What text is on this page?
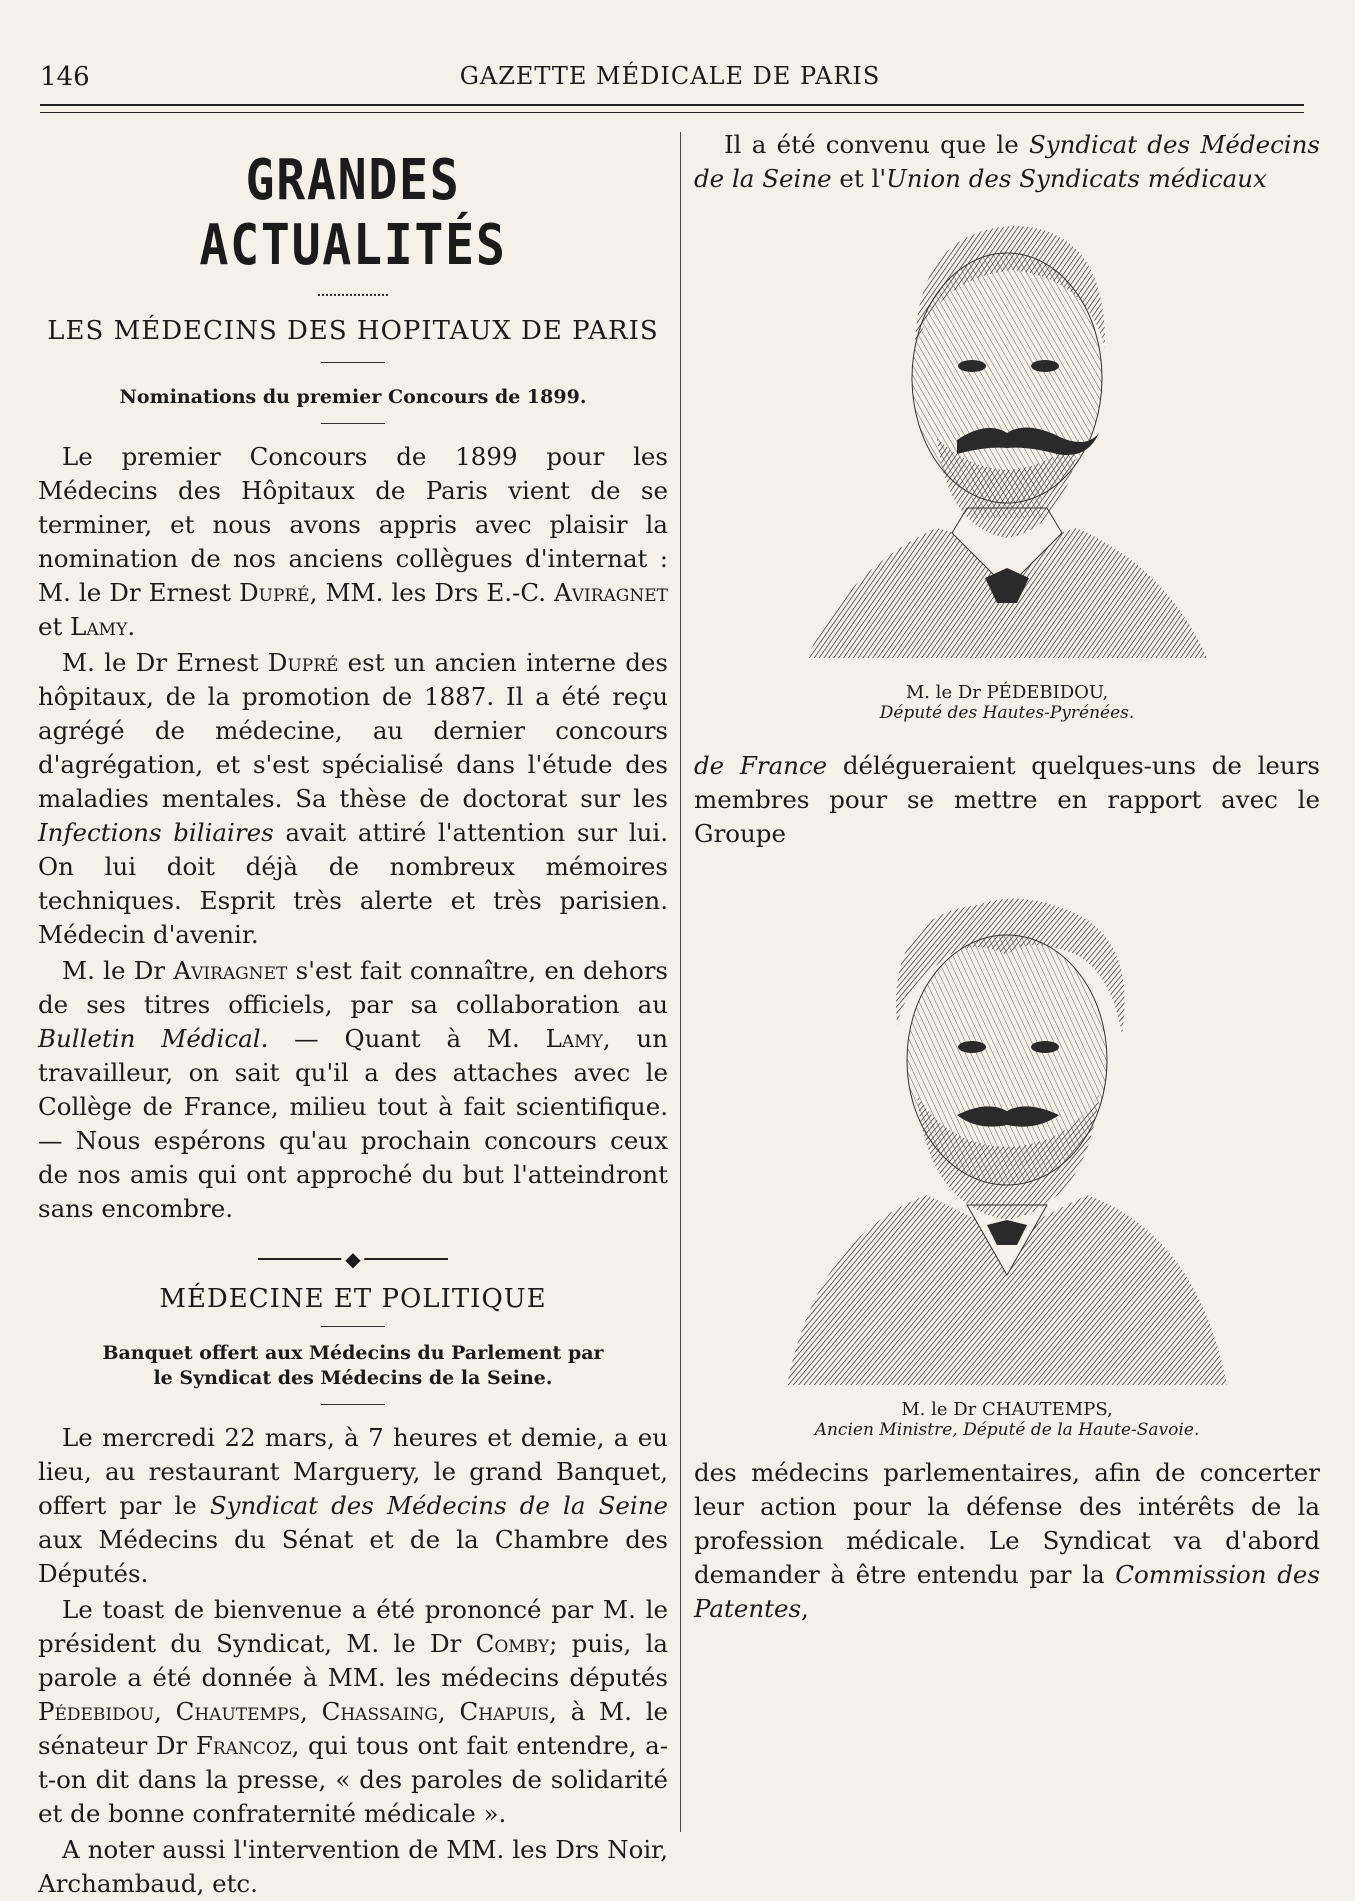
146	GAZETTE MÉDICALE DE PARIS
GRANDES ACTUALITÉS
LES MÉDECINS DES HOPITAUX DE PARIS
Nominations du premier Concours de 1899.

Le premier Concours de 1899 pour les Médecins des Hôpitaux de Paris vient de se terminer, et nous avons appris avec plaisir la nomination de nos anciens collègues d'internat : M. le Dr Ernest Dupré, MM. les Drs E.-C. Aviragnet et Lamy.

M. le Dr Ernest Dupré est un ancien interne des hôpitaux, de la promotion de 1887. Il a été reçu agrégé de médecine, au dernier concours d'agrégation, et s'est spécialisé dans l'étude des maladies mentales. Sa thèse de doctorat sur les Infections biliaires avait attiré l'attention sur lui. On lui doit déjà de nombreux mémoires techniques. Esprit très alerte et très parisien. Médecin d'avenir.

M. le Dr Aviragnet s'est fait connaître, en dehors de ses titres officiels, par sa collaboration au Bulletin Médical. — Quant à M. Lamy, un travailleur, on sait qu'il a des attaches avec le Collège de France, milieu tout à fait scientifique. — Nous espérons qu'au prochain concours ceux de nos amis qui ont approché du but l'atteindront sans encombre.

◆
MÉDECINE ET POLITIQUE
Banquet offert aux Médecins du Parlement par
le Syndicat des Médecins de la Seine.

Le mercredi 22 mars, à 7 heures et demie, a eu lieu, au restaurant Marguery, le grand Banquet, offert par le Syndicat des Médecins de la Seine aux Médecins du Sénat et de la Chambre des Députés.

Le toast de bienvenue a été prononcé par M. le président du Syndicat, M. le Dr Comby; puis, la parole a été donnée à MM. les médecins députés Pédebidou, Chautemps, Chassaing, Chapuis, à M. le sénateur Dr Francoz, qui tous ont fait entendre, a-t-on dit dans la presse, « des paroles de solidarité et de bonne confraternité médicale ».

A noter aussi l'intervention de MM. les Drs Noir, Archambaud, etc.

Il a été convenu que le Syndicat des Médecins de la Seine et l'Union des Syndicats médicaux

M. le Dr PÉDEBIDOU,
Député des Hautes-Pyrénées.

de France délégueraient quelques-uns de leurs membres pour se mettre en rapport avec le Groupe

M. le Dr CHAUTEMPS,
Ancien Ministre, Député de la Haute-Savoie.

des médecins parlementaires, afin de concerter leur action pour la défense des intérêts de la profession médicale. Le Syndicat va d'abord demander à être entendu par la Commission des Patentes,
